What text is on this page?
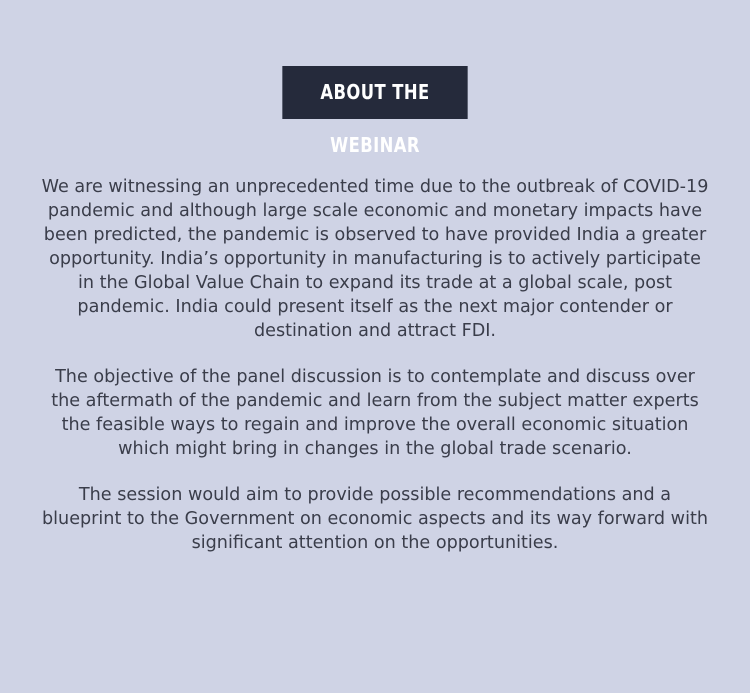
ABOUT THE WEBINAR

We are witnessing an unprecedented time due to the outbreak of COVID-19 pandemic and although large scale economic and monetary impacts have been predicted, the pandemic is observed to have provided India a greater opportunity. India’s opportunity in manufacturing is to actively participate in the Global Value Chain to expand its trade at a global scale, post pandemic. India could present itself as the next major contender or destination and attract FDI.

The objective of the panel discussion is to contemplate and discuss over the aftermath of the pandemic and learn from the subject matter experts the feasible ways to regain and improve the overall economic situation which might bring in changes in the global trade scenario.

The session would aim to provide possible recommendations and a blueprint to the Government on economic aspects and its way forward with significant attention on the opportunities.
